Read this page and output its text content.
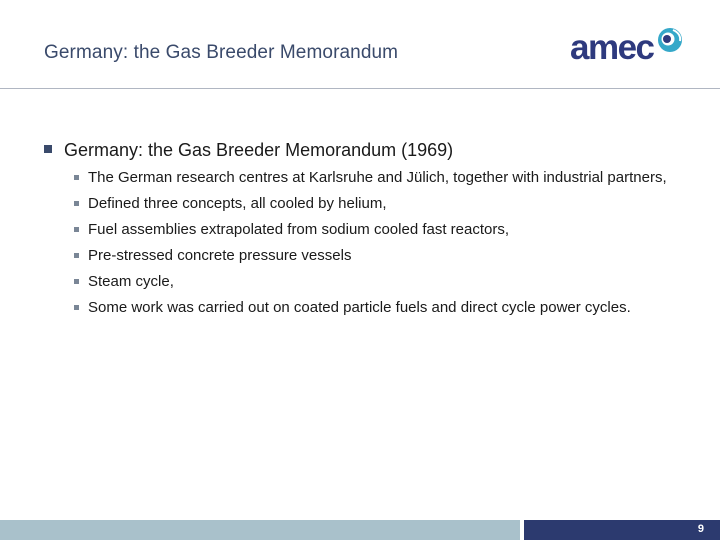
Germany: the Gas Breeder Memorandum	amec
Germany: the Gas Breeder Memorandum (1969)
The German research centres at Karlsruhe and Jülich, together with industrial partners,
Defined three concepts, all cooled by helium,
Fuel assemblies extrapolated from sodium cooled fast reactors,
Pre-stressed concrete pressure vessels
Steam cycle,
Some work was carried out on coated particle fuels and direct cycle power cycles.
9
